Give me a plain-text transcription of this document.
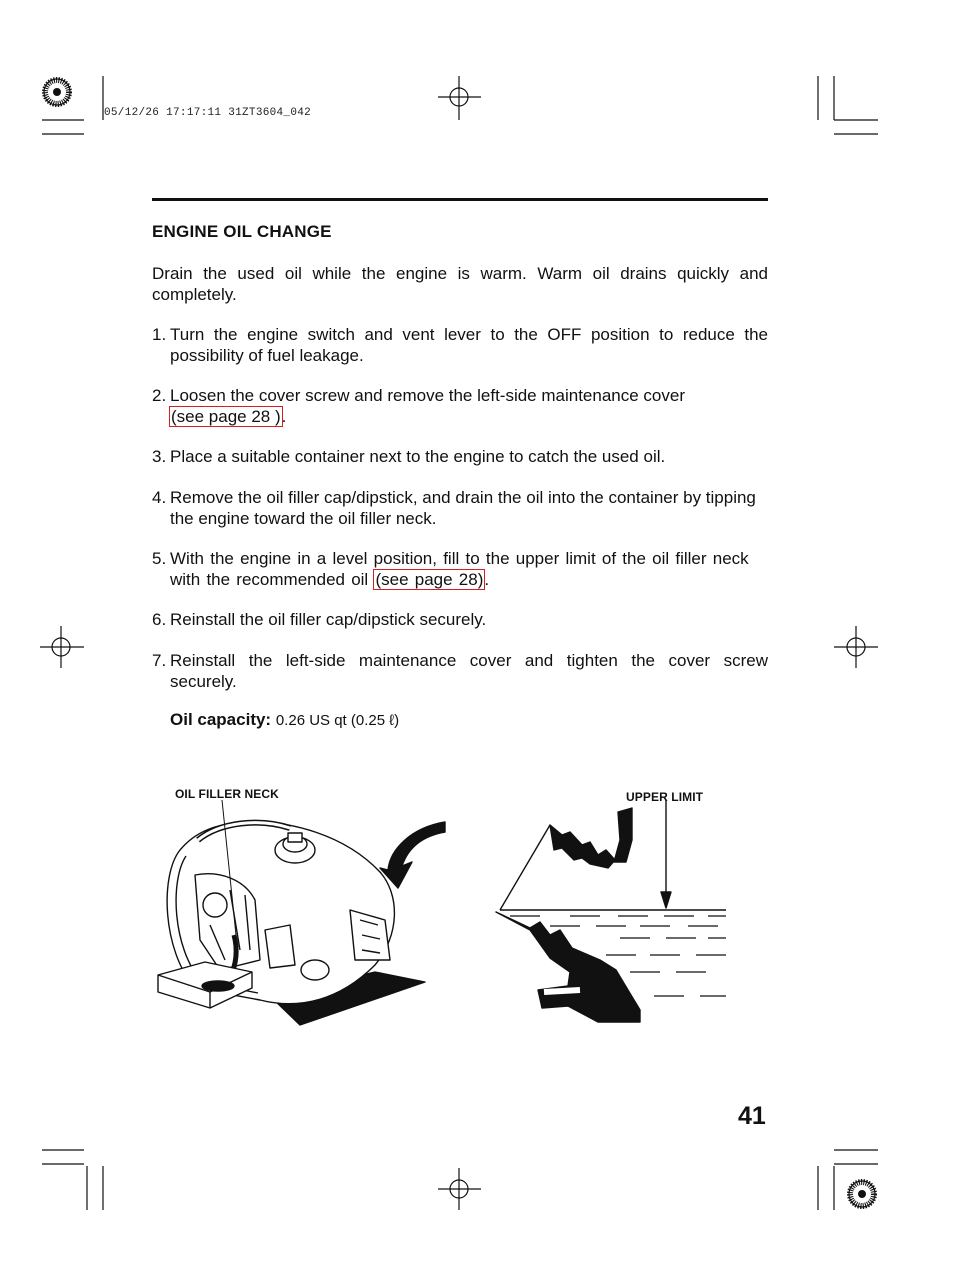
05/12/26 17:17:11 31ZT3604_042
ENGINE OIL CHANGE
Drain the used oil while the engine is warm. Warm oil drains quickly and completely.
1. Turn the engine switch and vent lever to the OFF position to reduce the possibility of fuel leakage.
2. Loosen the cover screw and remove the left-side maintenance cover
(see page 28 ).
3. Place a suitable container next to the engine to catch the used oil.
4. Remove the oil filler cap/dipstick, and drain the oil into the container by tipping the engine toward the oil filler neck.
5. With the engine in a level position, fill to the upper limit of the oil filler neck with the recommended oil (see page 28).
6. Reinstall the oil filler cap/dipstick securely.
7. Reinstall the left-side maintenance cover and tighten the cover screw securely.
Oil capacity: 0.26 US qt (0.25 ℓ)
OIL FILLER NECK	UPPER LIMIT
41
